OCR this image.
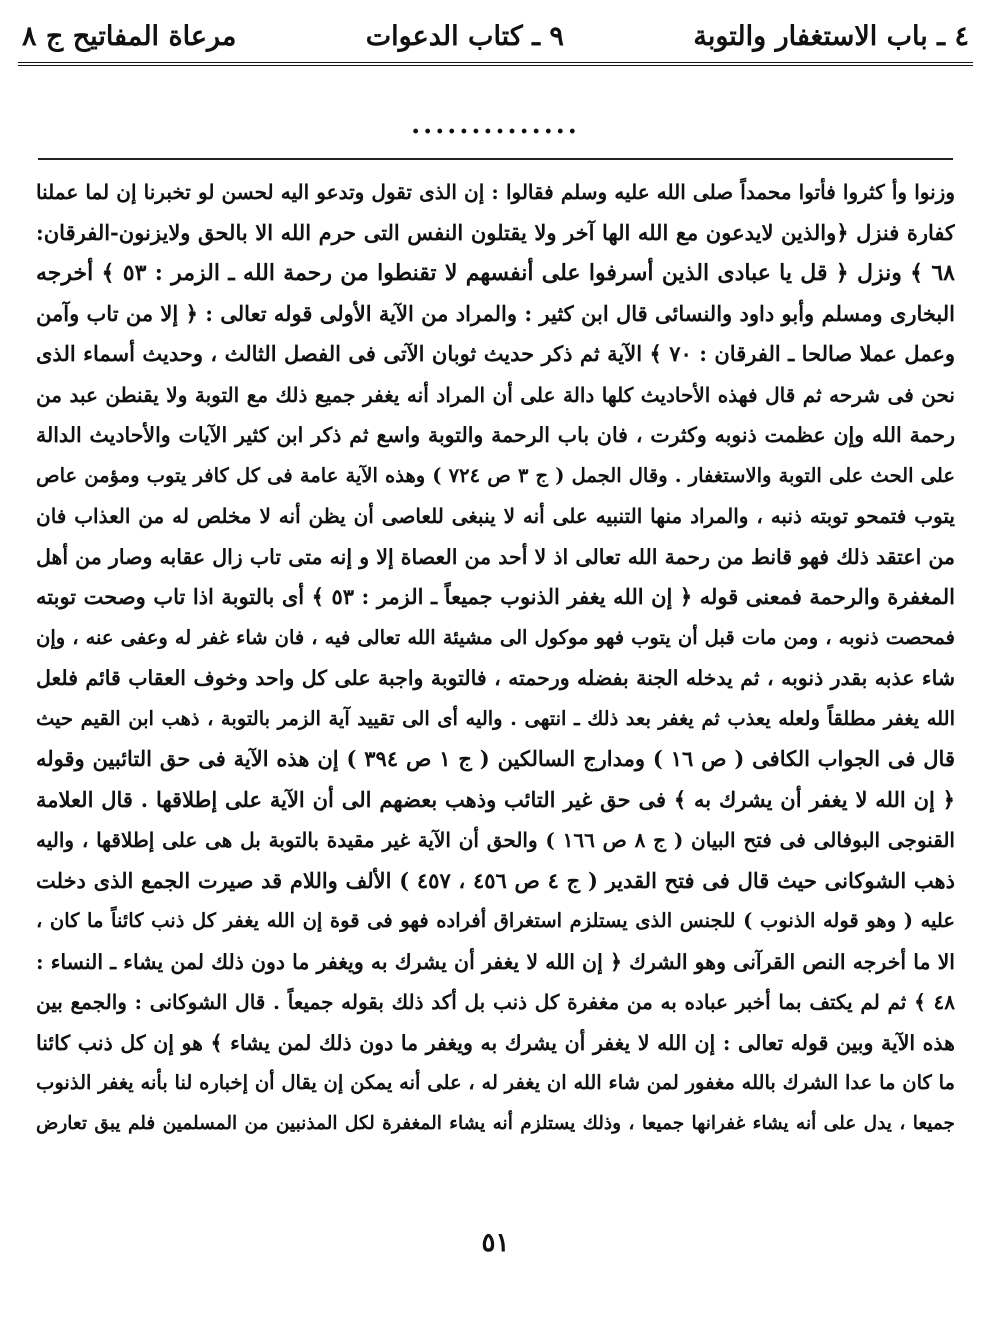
مرعاة المفاتيح ج ٨	٩ ـ كتاب الدعوات	٤ ـ باب الاستغفار والتوبة
..............
وزنوا وأ كثروا فأتوا محمداً صلى الله عليه وسلم فقالوا : إن الذى تقول وتدعو اليه لحسن لو تخبرنا إن لما عملنا
كفارة فنزل ﴿والذين لايدعون مع الله الها آخر ولا يقتلون النفس التى حرم الله الا بالحق ولايزنون-الفرقان:
٦٨ ﴾ ونزل ﴿ قل يا عبادى الذين أسرفوا على أنفسهم لا تقنطوا من رحمة الله ـ الزمر : ٥٣ ﴾ أخرجه
البخارى ومسلم وأبو داود والنسائى قال ابن كثير : والمراد من الآية الأولى قوله تعالى : ﴿ إلا من تاب وآمن
وعمل عملا صالحا ـ الفرقان : ٧٠ ﴾ الآية ثم ذكر حديث ثوبان الآتى فى الفصل الثالث ، وحديث أسماء الذى
نحن فى شرحه ثم قال فهذه الأحاديث كلها دالة على أن المراد أنه يغفر جميع ذلك مع التوبة ولا يقنطن عبد من
رحمة الله وإن عظمت ذنوبه وكثرت ، فان باب الرحمة والتوبة واسع ثم ذكر ابن كثير الآيات والأحاديث الدالة
على الحث على التوبة والاستغفار . وقال الجمل ( ج ٣ ص ٧٢٤ ) وهذه الآية عامة فى كل كافر يتوب ومؤمن عاص
يتوب فتمحو توبته ذنبه ، والمراد منها التنبيه على أنه لا ينبغى للعاصى أن يظن أنه لا مخلص له من العذاب فان
من اعتقد ذلك فهو قانط من رحمة الله تعالى اذ لا أحد من العصاة إلا و إنه متى تاب زال عقابه وصار من أهل
المغفرة والرحمة فمعنى قوله ﴿ إن الله يغفر الذنوب جميعاً ـ الزمر : ٥٣ ﴾ أى بالتوبة اذا تاب وصحت توبته
فمحصت ذنوبه ، ومن مات قبل أن يتوب فهو موكول الى مشيئة الله تعالى فيه ، فان شاء غفر له وعفى عنه ، وإن
شاء عذبه بقدر ذنوبه ، ثم يدخله الجنة بفضله ورحمته ، فالتوبة واجبة على كل واحد وخوف العقاب قائم فلعل
الله يغفر مطلقاً ولعله يعذب ثم يغفر بعد ذلك ـ انتهى . واليه أى الى تقييد آية الزمر بالتوبة ، ذهب ابن القيم حيث
قال فى الجواب الكافى ( ص ١٦ ) ومدارج السالكين ( ج ١ ص ٣٩٤ ) إن هذه الآية فى حق التائبين وقوله
﴿ إن الله لا يغفر أن يشرك به ﴾ فى حق غير التائب وذهب بعضهم الى أن الآية على إطلاقها . قال العلامة
القنوجى البوفالى فى فتح البيان ( ج ٨ ص ١٦٦ ) والحق أن الآية غير مقيدة بالتوبة بل هى على إطلاقها ، واليه
ذهب الشوكانى حيث قال فى فتح القدير ( ج ٤ ص ٤٥٦ ، ٤٥٧ ) الألف واللام قد صيرت الجمع الذى دخلت
عليه ( وهو قوله الذنوب ) للجنس الذى يستلزم استغراق أفراده فهو فى قوة إن الله يغفر كل ذنب كائناً ما كان ،
الا ما أخرجه النص القرآنى وهو الشرك ﴿ إن الله لا يغفر أن يشرك به ويغفر ما دون ذلك لمن يشاء ـ النساء :
٤٨ ﴾ ثم لم يكتف بما أخبر عباده به من مغفرة كل ذنب بل أكد ذلك بقوله جميعاً . قال الشوكانى : والجمع بين
هذه الآية وبين قوله تعالى : إن الله لا يغفر أن يشرك به ويغفر ما دون ذلك لمن يشاء ﴾ هو إن كل ذنب كائنا
ما كان ما عدا الشرك بالله مغفور لمن شاء الله ان يغفر له ، على أنه يمكن إن يقال أن إخباره لنا بأنه يغفر الذنوب
جميعا ، يدل على أنه يشاء غفرانها جميعا ، وذلك يستلزم أنه يشاء المغفرة لكل المذنبين من المسلمين فلم يبق تعارض
٥١
